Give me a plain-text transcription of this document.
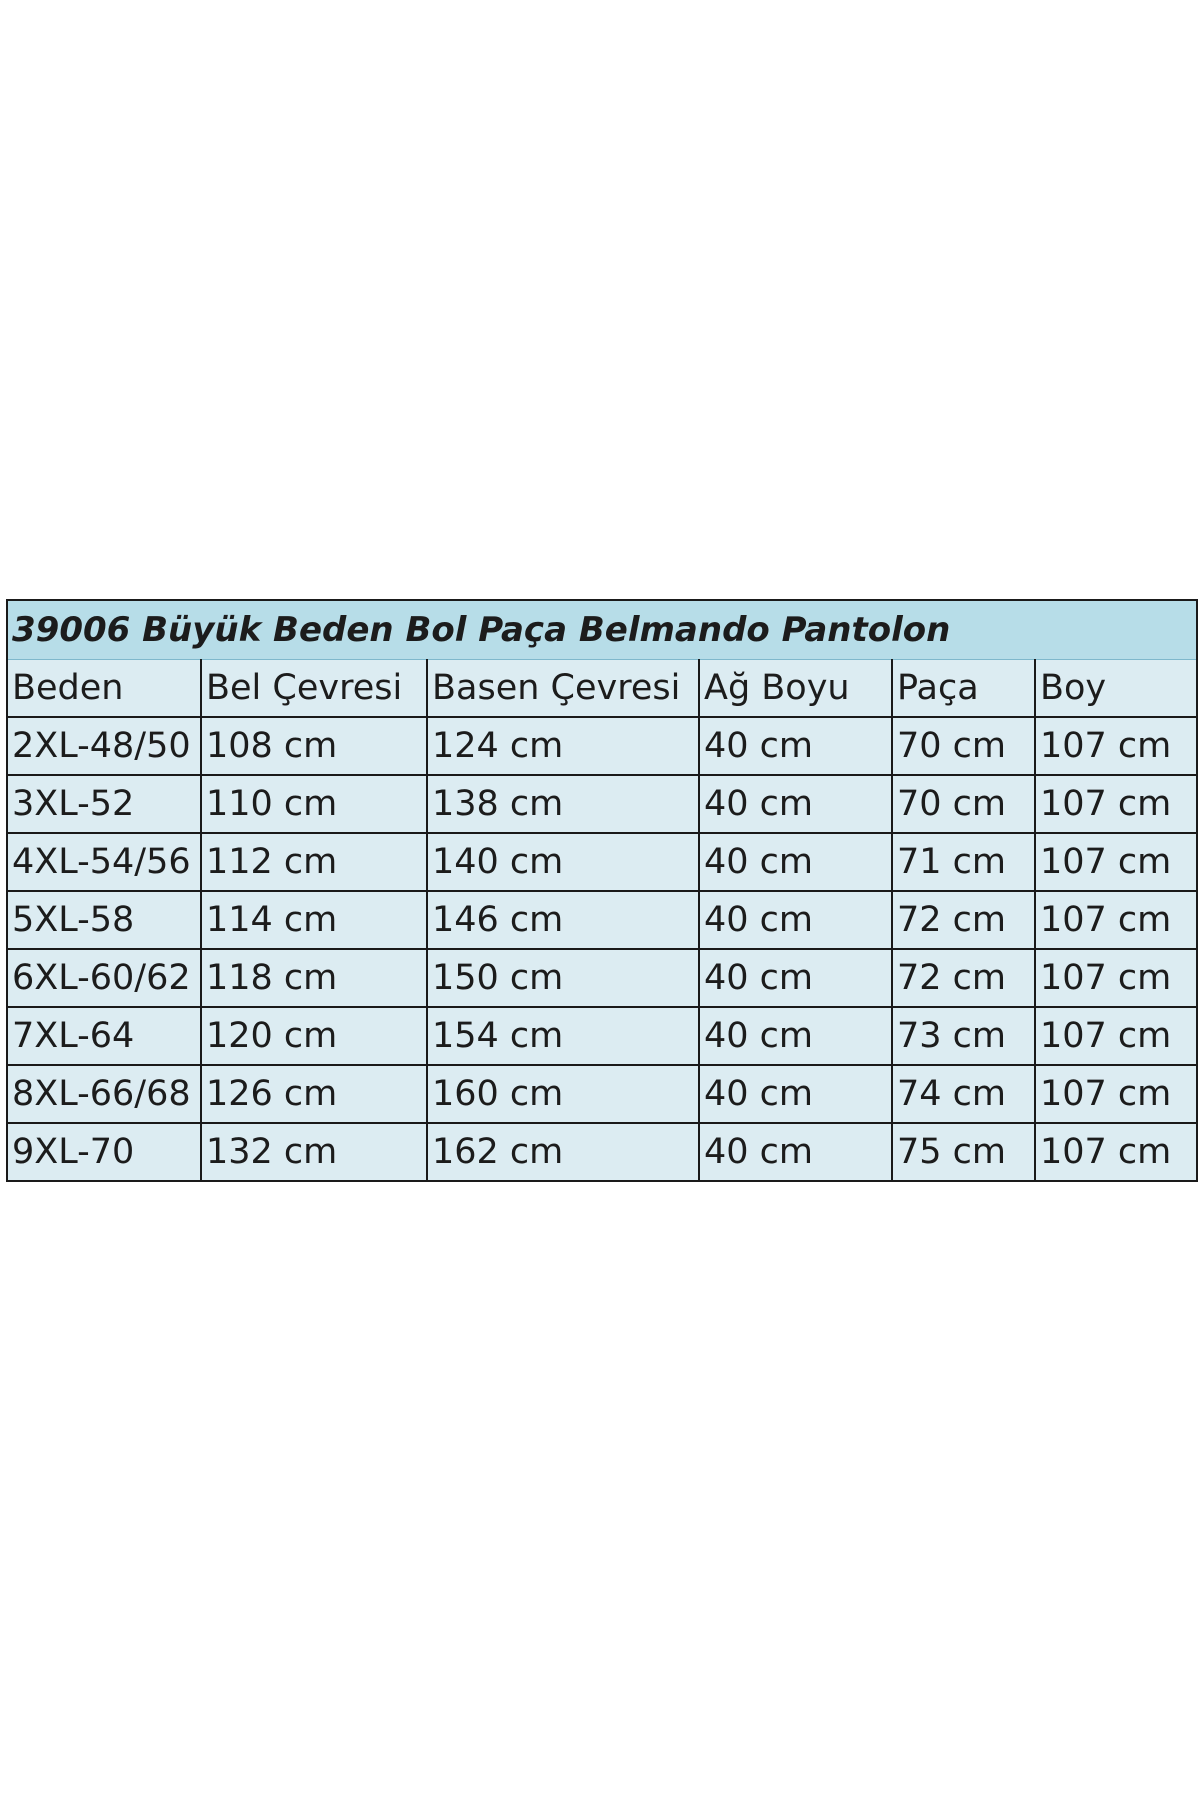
39006 Büyük Beden Bol Paça Belmando Pantolon					
Beden	Bel Çevresi	Basen Çevresi	Ağ Boyu	Paça	Boy
2XL-48/50	108 cm	124 cm	40 cm	70 cm	107 cm
3XL-52	110 cm	138 cm	40 cm	70 cm	107 cm
4XL-54/56	112 cm	140 cm	40 cm	71 cm	107 cm
5XL-58	114 cm	146 cm	40 cm	72 cm	107 cm
6XL-60/62	118 cm	150 cm	40 cm	72 cm	107 cm
7XL-64	120 cm	154 cm	40 cm	73 cm	107 cm
8XL-66/68	126 cm	160 cm	40 cm	74 cm	107 cm
9XL-70	132 cm	162 cm	40 cm	75 cm	107 cm
